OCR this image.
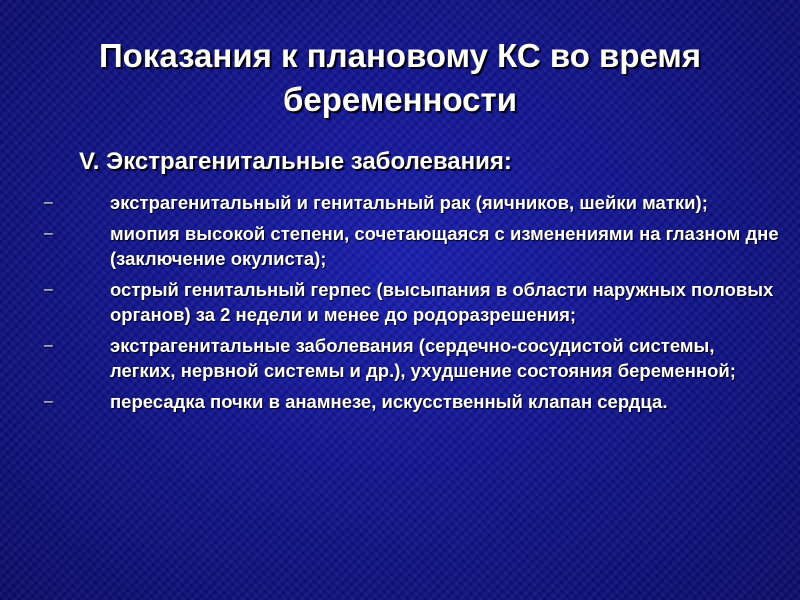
Показания к плановому КС во время беременности
V. Экстрагенитальные заболевания:
–	экстрагенитальный и генитальный рак (яичников, шейки матки);
–	миопия высокой степени, сочетающаяся с изменениями на глазном дне (заключение окулиста);
–	острый генитальный герпес (высыпания в области наружных половых органов) за 2 недели и менее до родоразрешения;
–	экстрагенитальные заболевания (сердечно-сосудистой системы, легких, нервной системы и др.), ухудшение состояния беременной;
–	пересадка почки в анамнезе, искусственный клапан сердца.
